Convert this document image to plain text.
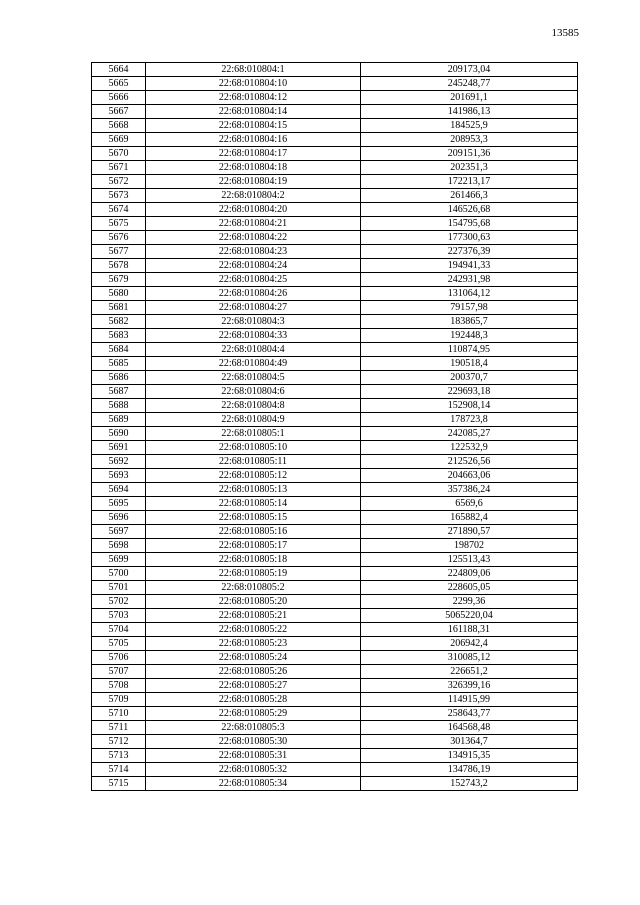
13585
5664	22:68:010804:1	209173,04
5665	22:68:010804:10	245248,77
5666	22:68:010804:12	201691,1
5667	22:68:010804:14	141986,13
5668	22:68:010804:15	184525,9
5669	22:68:010804:16	208953,3
5670	22:68:010804:17	209151,36
5671	22:68:010804:18	202351,3
5672	22:68:010804:19	172213,17
5673	22:68:010804:2	261466,3
5674	22:68:010804:20	146526,68
5675	22:68:010804:21	154795,68
5676	22:68:010804:22	177300,63
5677	22:68:010804:23	227376,39
5678	22:68:010804:24	194941,33
5679	22:68:010804:25	242931,98
5680	22:68:010804:26	131064,12
5681	22:68:010804:27	79157,98
5682	22:68:010804:3	183865,7
5683	22:68:010804:33	192448,3
5684	22:68:010804:4	110874,95
5685	22:68:010804:49	190518,4
5686	22:68:010804:5	200370,7
5687	22:68:010804:6	229693,18
5688	22:68:010804:8	152908,14
5689	22:68:010804:9	178723,8
5690	22:68:010805:1	242085,27
5691	22:68:010805:10	122532,9
5692	22:68:010805:11	212526,56
5693	22:68:010805:12	204663,06
5694	22:68:010805:13	357386,24
5695	22:68:010805:14	6569,6
5696	22:68:010805:15	165882,4
5697	22:68:010805:16	271890,57
5698	22:68:010805:17	198702
5699	22:68:010805:18	125513,43
5700	22:68:010805:19	224809,06
5701	22:68:010805:2	228605,05
5702	22:68:010805:20	2299,36
5703	22:68:010805:21	5065220,04
5704	22:68:010805:22	161188,31
5705	22:68:010805:23	206942,4
5706	22:68:010805:24	310085,12
5707	22:68:010805:26	226651,2
5708	22:68:010805:27	326399,16
5709	22:68:010805:28	114915,99
5710	22:68:010805:29	258643,77
5711	22:68:010805:3	164568,48
5712	22:68:010805:30	301364,7
5713	22:68:010805:31	134915,35
5714	22:68:010805:32	134786,19
5715	22:68:010805:34	152743,2
